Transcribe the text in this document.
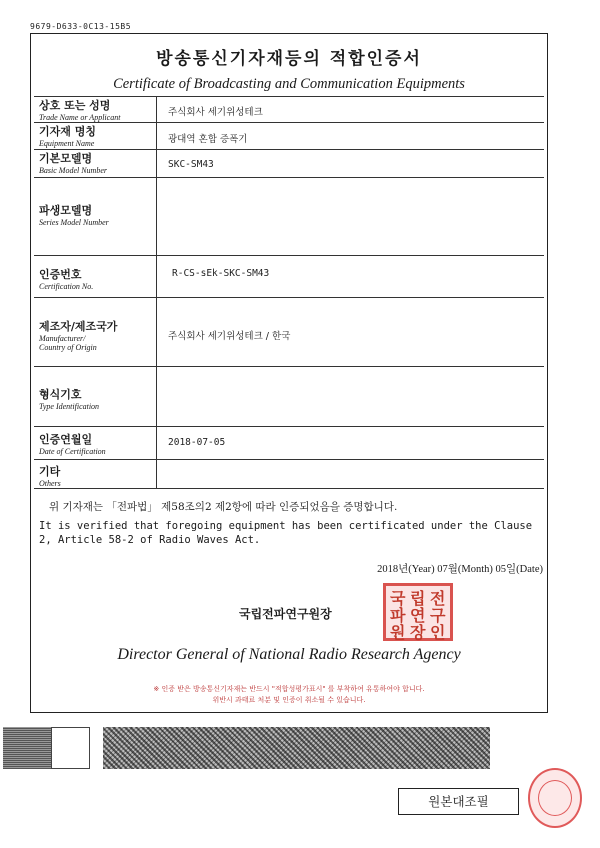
9679-D633-0C13-15B5
방송통신기자재등의 적합인증서
Certificate of Broadcasting and Communication Equipments
상호 또는 성명
Trade Name or Applicant	주식회사 세기위성테크
기자재 명칭
Equipment Name	광대역 혼합 증폭기
기본모델명
Basic Model Number
SKC-SM43
파생모델명
Series Model Number
인증번호
Certification No.
R-CS-sEk-SKC-SM43
제조자/제조국가
Manufacturer/
Country of Origin
주식회사 세기위성테크 / 한국
형식기호
Type Identification
인증연월일
Date of Certification
2018-07-05
기타
Others
위 기자재는 「전파법」 제58조의2 제2항에 따라 인증되었음을 증명합니다.
It is verified that foregoing equipment has been certificated under the Clause 2, Article 58-2 of Radio Waves Act.
2018년(Year) 07월(Month) 05일(Date)
국립전파연구원장
국 립 전
파 연 구
원 장 인
Director General of National Radio Research Agency
※ 인증 받은 방송통신기자재는 반드시 "적합성평가표시" 를 부착하여 유통하여야 합니다.
위반시 과태료 처분 및 인증이 취소될 수 있습니다.
원본대조필
